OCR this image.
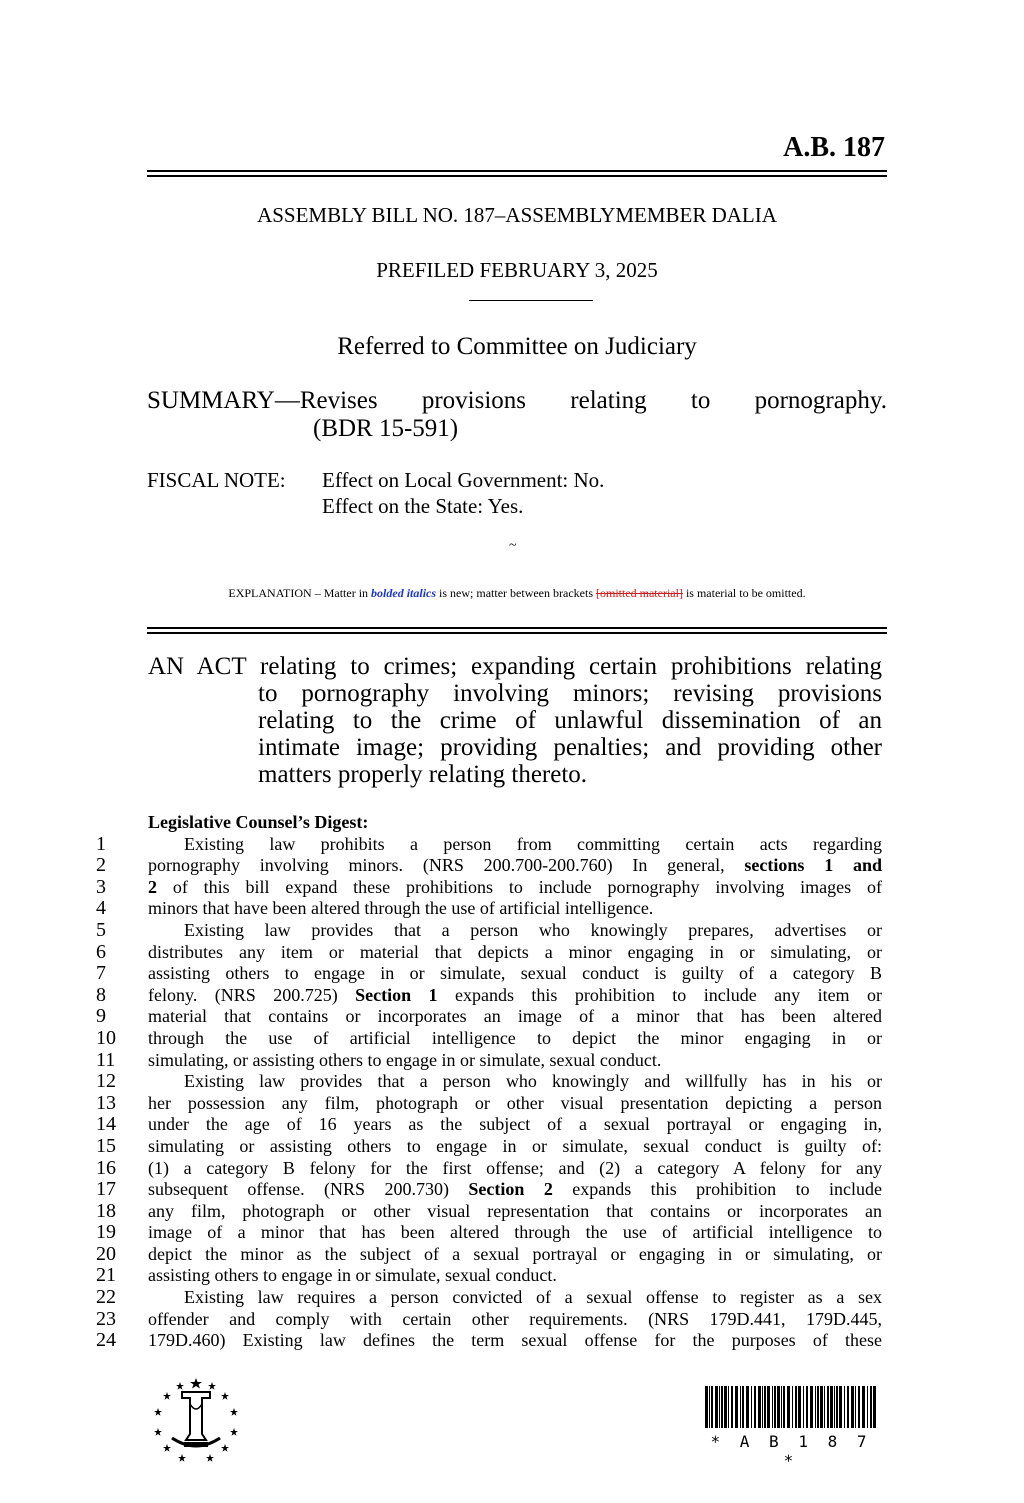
A.B. 187
ASSEMBLY BILL NO. 187–ASSEMBLYMEMBER DALIA
PREFILED FEBRUARY 3, 2025
Referred to Committee on Judiciary
SUMMARY—Revises provisions relating to pornography.
(BDR 15-591)
FISCAL NOTE: Effect on Local Government: No.
Effect on the State: Yes.
~
EXPLANATION – Matter in bolded italics is new; matter between brackets [omitted material] is material to be omitted.
AN ACT relating to crimes; expanding certain prohibitions relating
to pornography involving minors; revising provisions
relating to the crime of unlawful dissemination of an
intimate image; providing penalties; and providing other
matters properly relating thereto.
Legislative Counsel’s Digest:
1	Existing law prohibits a person from committing certain acts regarding
2	pornography involving minors. (NRS 200.700-200.760) In general, sections 1 and
3	2 of this bill expand these prohibitions to include pornography involving images of
4	minors that have been altered through the use of artificial intelligence.
5	Existing law provides that a person who knowingly prepares, advertises or
6	distributes any item or material that depicts a minor engaging in or simulating, or
7	assisting others to engage in or simulate, sexual conduct is guilty of a category B
8	felony. (NRS 200.725) Section 1 expands this prohibition to include any item or
9	material that contains or incorporates an image of a minor that has been altered
10	through the use of artificial intelligence to depict the minor engaging in or
11	simulating, or assisting others to engage in or simulate, sexual conduct.
12	Existing law provides that a person who knowingly and willfully has in his or
13	her possession any film, photograph or other visual presentation depicting a person
14	under the age of 16 years as the subject of a sexual portrayal or engaging in,
15	simulating or assisting others to engage in or simulate, sexual conduct is guilty of:
16	(1) a category B felony for the first offense; and (2) a category A felony for any
17	subsequent offense. (NRS 200.730) Section 2 expands this prohibition to include
18	any film, photograph or other visual representation that contains or incorporates an
19	image of a minor that has been altered through the use of artificial intelligence to
20	depict the minor as the subject of a sexual portrayal or engaging in or simulating, or
21	assisting others to engage in or simulate, sexual conduct.
22	Existing law requires a person convicted of a sexual offense to register as a sex
23	offender and comply with certain other requirements. (NRS 179D.441, 179D.445,
24	179D.460) Existing law defines the term sexual offense for the purposes of these
* A B 1 8 7 *
